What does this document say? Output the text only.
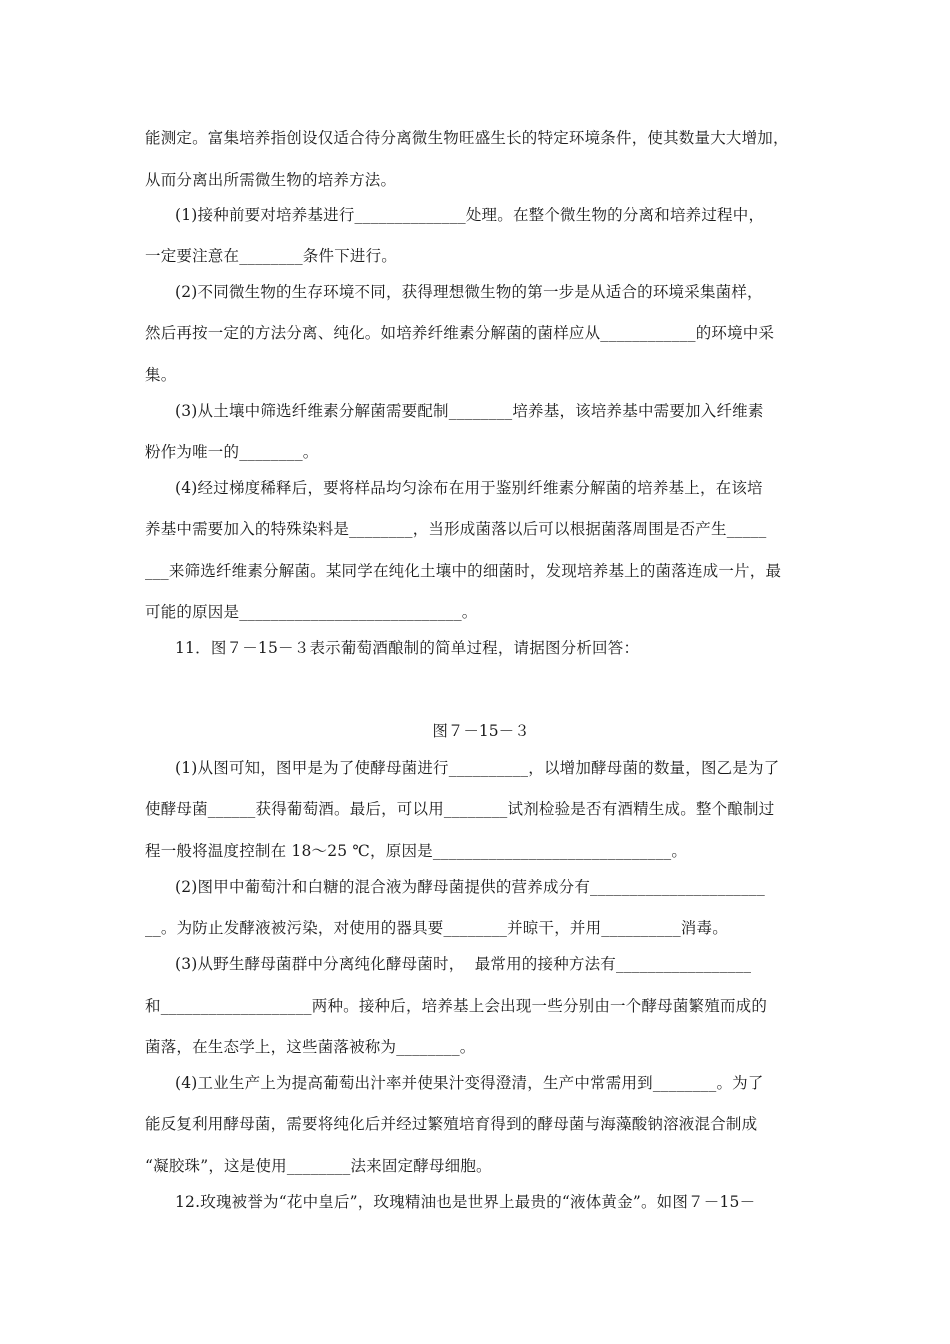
能测定。富集培养指创设仅适合待分离微生物旺盛生长的特定环境条件，使其数量大大增加，
从而分离出所需微生物的培养方法。
(1)接种前要对培养基进行______________处理。在整个微生物的分离和培养过程中，
一定要注意在________条件下进行。
(2)不同微生物的生存环境不同，获得理想微生物的第一步是从适合的环境采集菌样，
然后再按一定的方法分离、纯化。如培养纤维素分解菌的菌样应从____________的环境中采
集。
(3)从土壤中筛选纤维素分解菌需要配制________培养基，该培养基中需要加入纤维素
粉作为唯一的________。
(4)经过梯度稀释后，要将样品均匀涂布在用于鉴别纤维素分解菌的培养基上，在该培
养基中需要加入的特殊染料是________，当形成菌落以后可以根据菌落周围是否产生_____
___来筛选纤维素分解菌。某同学在纯化土壤中的细菌时，发现培养基上的菌落连成一片，最
可能的原因是____________________________。
11．图７－15－３表示葡萄酒酿制的简单过程，请据图分析回答：
图７－15－３
(1)从图可知，图甲是为了使酵母菌进行__________，以增加酵母菌的数量，图乙是为了
使酵母菌______获得葡萄酒。最后，可以用________试剂检验是否有酒精生成。整个酿制过
程一般将温度控制在 18～25 ℃，原因是______________________________。
(2)图甲中葡萄汁和白糖的混合液为酵母菌提供的营养成分有______________________
__。为防止发酵液被污染，对使用的器具要________并晾干，并用__________消毒。
(3)从野生酵母菌群中分离纯化酵母菌时，  最常用的接种方法有_________________
和___________________两种。接种后，培养基上会出现一些分别由一个酵母菌繁殖而成的
菌落，在生态学上，这些菌落被称为________。
(4)工业生产上为提高葡萄出汁率并使果汁变得澄清，生产中常需用到________。为了
能反复利用酵母菌，需要将纯化后并经过繁殖培育得到的酵母菌与海藻酸钠溶液混合制成
“凝胶珠”，这是使用________法来固定酵母细胞。
12.玫瑰被誉为“花中皇后”，玫瑰精油也是世界上最贵的“液体黄金”。如图７－15－
